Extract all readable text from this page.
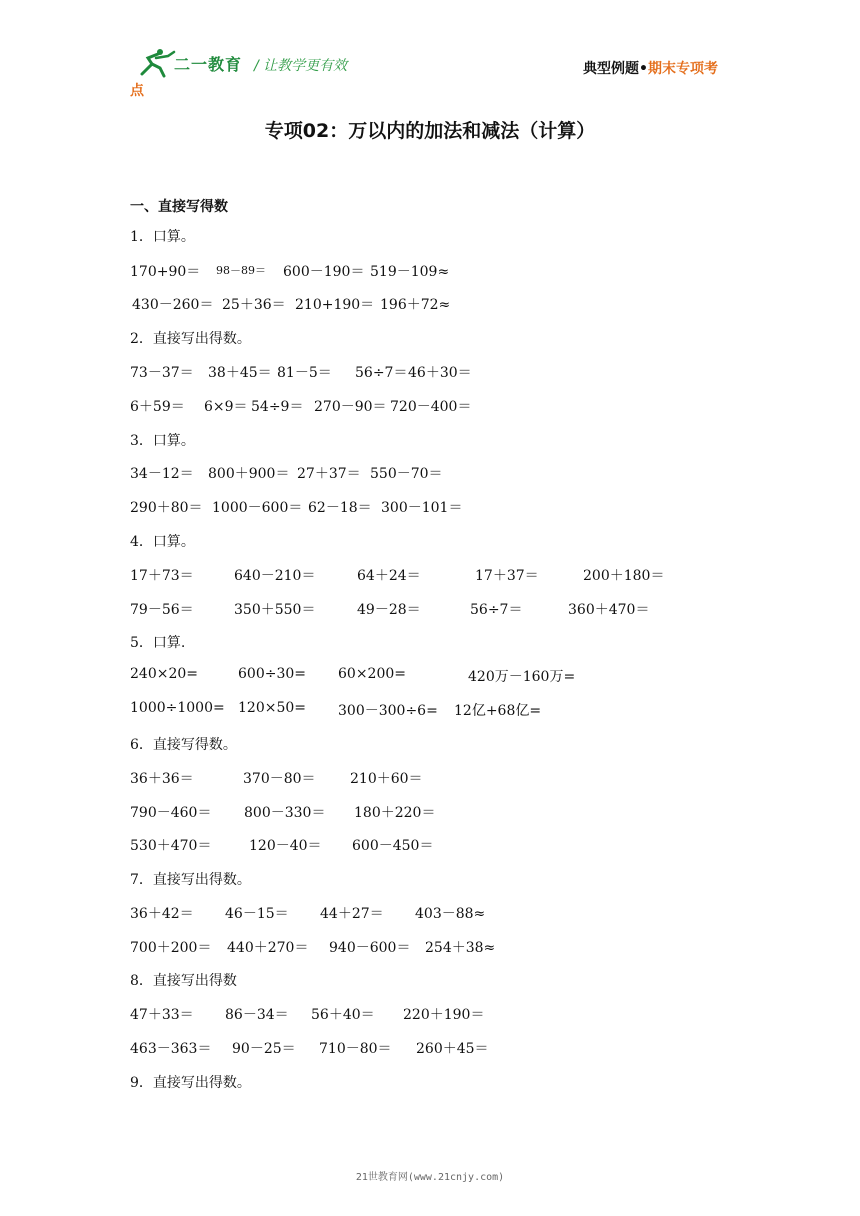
二一教育 / 让教学更有效	典型例题•期末专项考
点
专项02：万以内的加法和减法（计算）
一、直接写得数
1．口算。
170+90＝ 98－89＝ 600－190＝ 519－109≈
430－260＝ 25＋36＝ 210+190＝ 196＋72≈
2．直接写出得数。
73－37＝ 38＋45＝ 81－5＝ 56÷7＝ 46＋30＝
6＋59＝ 6×9＝ 54÷9＝ 270－90＝ 720－400＝
3．口算。
34－12＝ 800＋900＝ 27＋37＝ 550－70＝
290＋80＝ 1000－600＝ 62－18＝ 300－101＝
4．口算。
17＋73＝	640－210＝	64＋24＝	17＋37＝	200＋180＝
79－56＝	350＋550＝	49－28＝	56÷7＝	360＋470＝
5．口算.
240×20=	600÷30= 60×200=	420万－160万=
1000÷1000= 120×50= 300－300÷6= 12亿+68亿=
6．直接写得数。
36＋36＝	370－80＝ 210＋60＝
790－460＝ 800－330＝ 180＋220＝
530＋470＝	120－40＝ 600－450＝
7．直接写出得数。
36＋42＝ 46－15＝ 44＋27＝ 403－88≈
700＋200＝ 440＋270＝ 940－600＝ 254＋38≈
8．直接写出得数
47＋33＝ 86－34＝ 56＋40＝ 220＋190＝
463－363＝ 90－25＝ 710－80＝ 260＋45＝
9．直接写出得数。
21世教育网(www.21cnjy.com)
